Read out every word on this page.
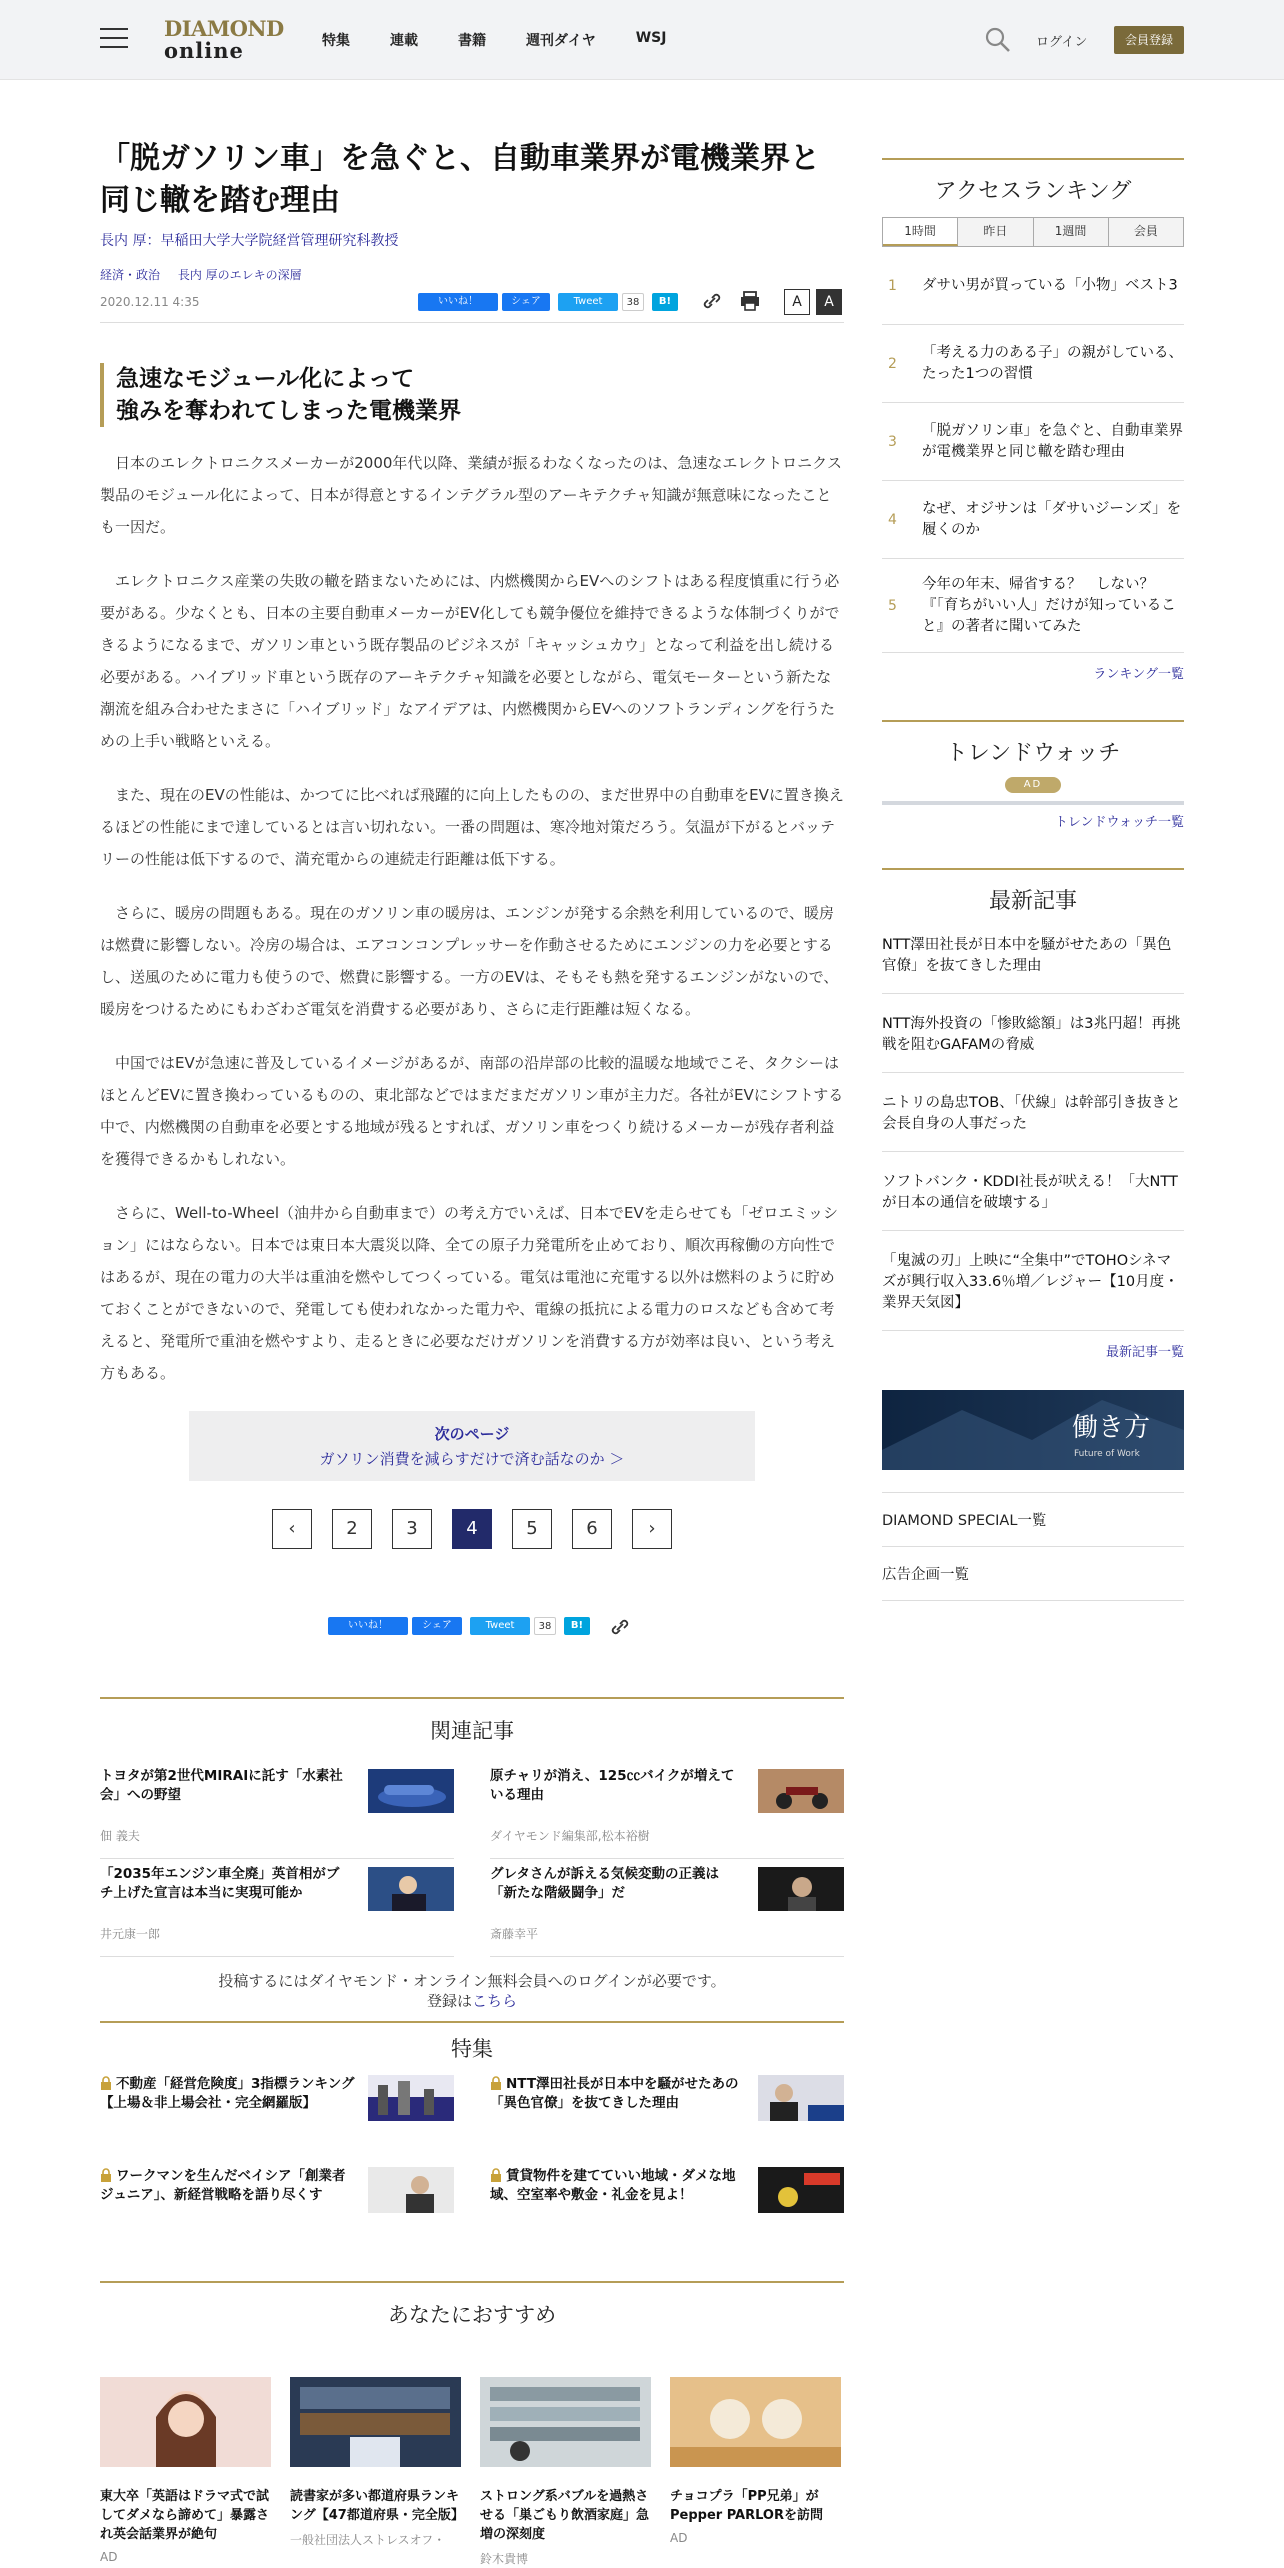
DIAMOND
online	特集	連載	書籍	週刊ダイヤ	WSJ	ログイン	会員登録
「脱ガソリン車」を急ぐと、自動車業界が電機業界と同じ轍を踏む理由
長内 厚：早稲田大学大学院経営管理研究科教授
経済・政治 長内 厚のエレキの深層
2020.12.11 4:35	いいね！	シェア	Tweet	38	B!	A	A
急速なモジュール化によって
強みを奪われてしまった電機業界

日本のエレクトロニクスメーカーが2000年代以降、業績が振るわなくなったのは、急速なエレクトロニクス製品のモジュール化によって、日本が得意とするインテグラル型のアーキテクチャ知識が無意味になったことも一因だ。

エレクトロニクス産業の失敗の轍を踏まないためには、内燃機関からEVへのシフトはある程度慎重に行う必要がある。少なくとも、日本の主要自動車メーカーがEV化しても競争優位を維持できるような体制づくりができるようになるまで、ガソリン車という既存製品のビジネスが「キャッシュカウ」となって利益を出し続ける必要がある。ハイブリッド車という既存のアーキテクチャ知識を必要としながら、電気モーターという新たな潮流を組み合わせたまさに「ハイブリッド」なアイデアは、内燃機関からEVへのソフトランディングを行うための上手い戦略といえる。

また、現在のEVの性能は、かつてに比べれば飛躍的に向上したものの、まだ世界中の自動車をEVに置き換えるほどの性能にまで達しているとは言い切れない。一番の問題は、寒冷地対策だろう。気温が下がるとバッテリーの性能は低下するので、満充電からの連続走行距離は低下する。

さらに、暖房の問題もある。現在のガソリン車の暖房は、エンジンが発する余熱を利用しているので、暖房は燃費に影響しない。冷房の場合は、エアコンコンプレッサーを作動させるためにエンジンの力を必要とするし、送風のために電力も使うので、燃費に影響する。一方のEVは、そもそも熱を発するエンジンがないので、暖房をつけるためにもわざわざ電気を消費する必要があり、さらに走行距離は短くなる。

中国ではEVが急速に普及しているイメージがあるが、南部の沿岸部の比較的温暖な地域でこそ、タクシーはほとんどEVに置き換わっているものの、東北部などではまだまだガソリン車が主力だ。各社がEVにシフトする中で、内燃機関の自動車を必要とする地域が残るとすれば、ガソリン車をつくり続けるメーカーが残存者利益を獲得できるかもしれない。

さらに、Well-to-Wheel（油井から自動車まで）の考え方でいえば、日本でEVを走らせても「ゼロエミッション」にはならない。日本では東日本大震災以降、全ての原子力発電所を止めており、順次再稼働の方向性ではあるが、現在の電力の大半は重油を燃やしてつくっている。電気は電池に充電する以外は燃料のように貯めておくことができないので、発電しても使われなかった電力や、電線の抵抗による電力のロスなども含めて考えると、発電所で重油を燃やすより、走るときに必要なだけガソリンを消費する方が効率は良い、という考え方もある。

次のページ
ガソリン消費を減らすだけで済む話なのか ＞
‹	2	3	4	5	6	›
いいね！	シェア	Tweet	38	B!
関連記事
トヨタが第2世代MIRAIに託す「水素社会」への野望
佃 義夫
原チャリが消え、125㏄バイクが増えている理由
ダイヤモンド編集部,松本裕樹
「2035年エンジン車全廃」英首相がブチ上げた宣言は本当に実現可能か
井元康一郎
グレタさんが訴える気候変動の正義は「新たな階級闘争」だ
斎藤幸平
投稿するにはダイヤモンド・オンライン無料会員へのログインが必要です。
登録はこちら
特集
不動産「経営危険度」3指標ランキング【上場＆非上場会社・完全網羅版】
NTT澤田社長が日本中を騒がせたあの「異色官僚」を抜てきした理由
ワークマンを生んだベイシア「創業者ジュニア」、新経営戦略を語り尽くす
賃貸物件を建てていい地域・ダメな地域、空室率や敷金・礼金を見よ！
あなたにおすすめ
東大卒「英語はドラマ式で試してダメなら諦めて」暴露され英会話業界が絶句
AD
読書家が多い都道府県ランキング【47都道府県・完全版】
一般社団法人ストレスオフ・
ストロング系バブルを過熱させる「巣ごもり飲酒家庭」急増の深刻度
鈴木貴博
チョコプラ「PP兄弟」がPepper PARLORを訪問
AD
アクセスランキング
1時間	昨日	1週間	会員
1 ダサい男が買っている「小物」ベスト3
2
「考える力のある子」の親がしている、たった1つの習慣
3
「脱ガソリン車」を急ぐと、自動車業界が電機業界と同じ轍を踏む理由
4
なぜ、オジサンは「ダサいジーンズ」を履くのか
5
今年の年末、帰省する？　しない？『「育ちがいい人」だけが知っていること』の著者に聞いてみた
ランキング一覧
トレンドウォッチ
AD
トレンドウォッチ一覧
最新記事
NTT澤田社長が日本中を騒がせたあの「異色官僚」を抜てきした理由
NTT海外投資の「惨敗総額」は3兆円超！再挑戦を阻むGAFAMの脅威
ニトリの島忠TOB、「伏線」は幹部引き抜きと会長自身の人事だった
ソフトバンク・KDDI社長が吠える！「大NTTが日本の通信を破壊する」
「鬼滅の刃」上映に“全集中”でTOHOシネマズが興行収入33.6％増／レジャー【10月度・業界天気図】
最新記事一覧
働き方
Future of Work
DIAMOND SPECIAL一覧
広告企画一覧
